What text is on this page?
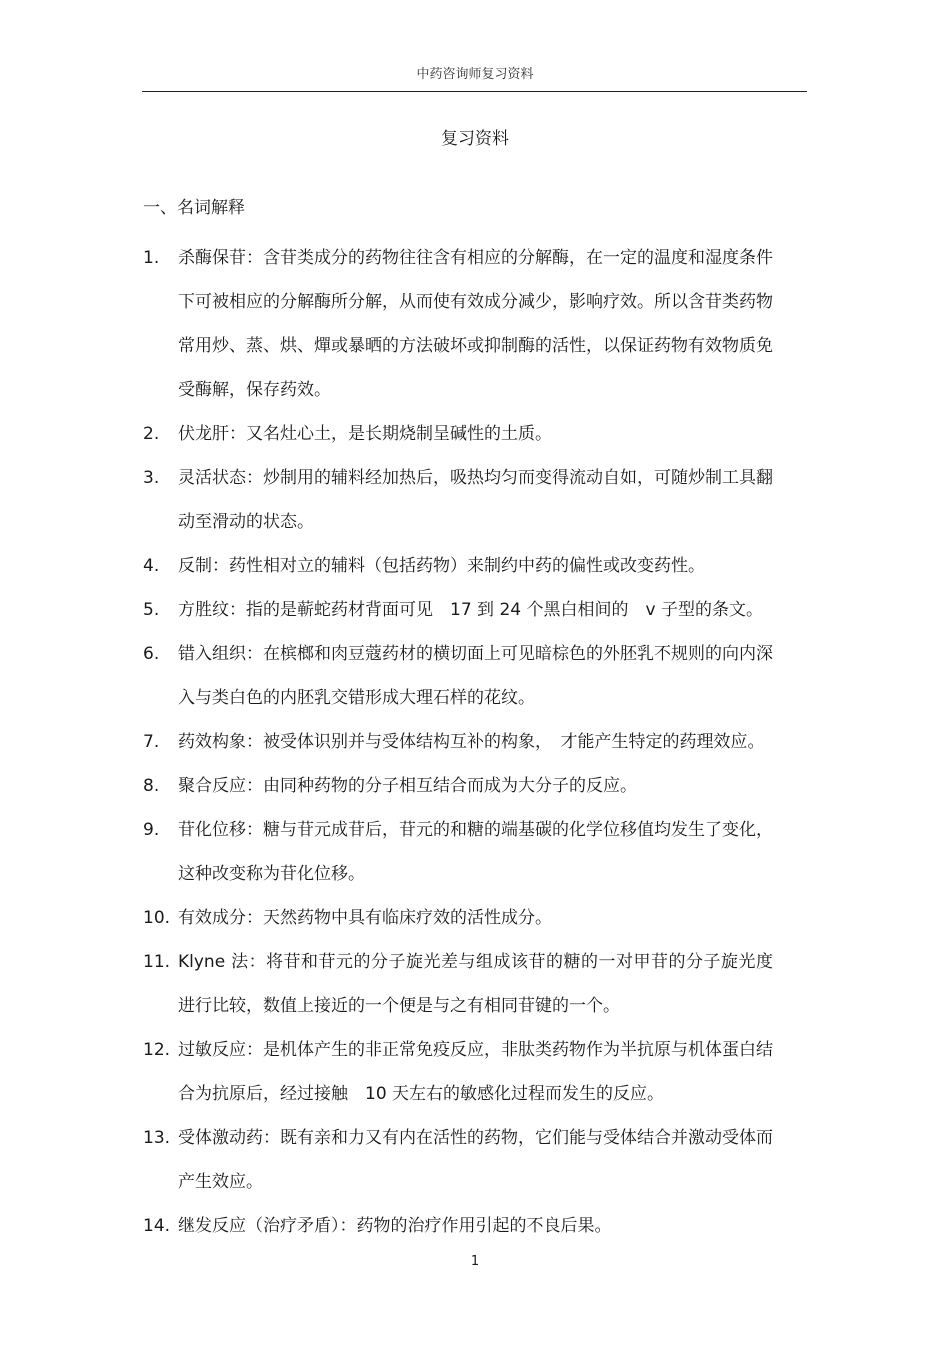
中药咨询师复习资料
复习资料
一、名词解释
1. 杀酶保苷：含苷类成分的药物往往含有相应的分解酶，在一定的温度和湿度条件下可被相应的分解酶所分解，从而使有效成分减少，影响疗效。所以含苷类药物常用炒、蒸、烘、燀或暴晒的方法破坏或抑制酶的活性，以保证药物有效物质免受酶解，保存药效。
2. 伏龙肝：又名灶心土，是长期烧制呈碱性的土质。
3. 灵活状态：炒制用的辅料经加热后，吸热均匀而变得流动自如，可随炒制工具翻动至滑动的状态。
4. 反制：药性相对立的辅料（包括药物）来制约中药的偏性或改变药性。
5. 方胜纹：指的是蕲蛇药材背面可见　17 到 24 个黑白相间的　v 子型的条文。
6. 错入组织：在槟榔和肉豆蔻药材的横切面上可见暗棕色的外胚乳不规则的向内深入与类白色的内胚乳交错形成大理石样的花纹。
7. 药效构象：被受体识别并与受体结构互补的构象，　才能产生特定的药理效应。
8. 聚合反应：由同种药物的分子相互结合而成为大分子的反应。
9. 苷化位移：糖与苷元成苷后，苷元的和糖的端基碳的化学位移值均发生了变化，这种改变称为苷化位移。
10. 有效成分：天然药物中具有临床疗效的活性成分。
11. Klyne 法：将苷和苷元的分子旋光差与组成该苷的糖的一对甲苷的分子旋光度进行比较，数值上接近的一个便是与之有相同苷键的一个。
12. 过敏反应：是机体产生的非正常免疫反应，非肽类药物作为半抗原与机体蛋白结合为抗原后，经过接触　10 天左右的敏感化过程而发生的反应。
13. 受体激动药：既有亲和力又有内在活性的药物，它们能与受体结合并激动受体而产生效应。
14. 继发反应（治疗矛盾）：药物的治疗作用引起的不良后果。
1
